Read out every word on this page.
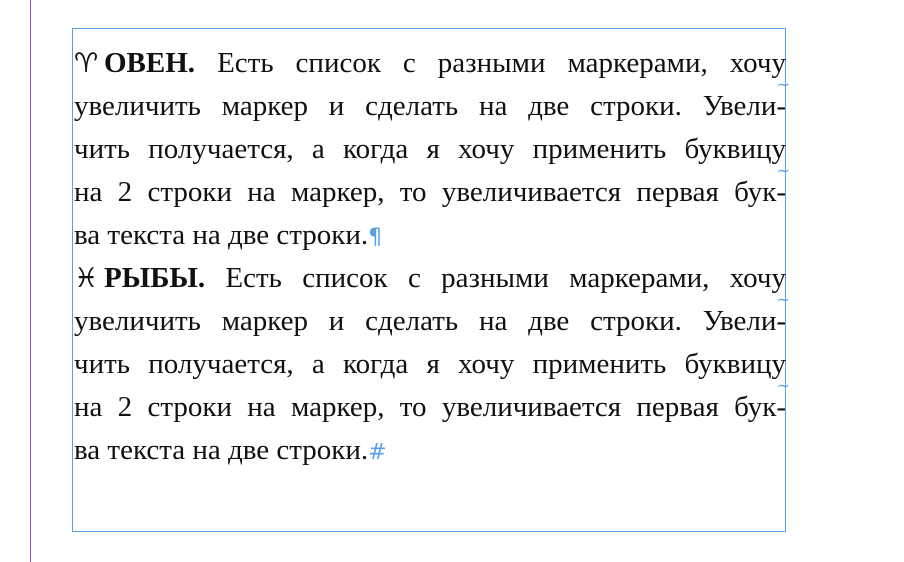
♈ ОВЕН. Есть список с разными маркерами, хочу
увеличить маркер и сделать на две строки. Увели-
~
чить получается, а когда я хочу применить буквицу
на 2 строки на маркер, то увеличивается первая бук-
~
ва текста на две строки.¶
♓ РЫБЫ. Есть список с разными маркерами, хочу
увеличить маркер и сделать на две строки. Увели-
~
чить получается, а когда я хочу применить буквицу
на 2 строки на маркер, то увеличивается первая бук-
~
ва текста на две строки.#
